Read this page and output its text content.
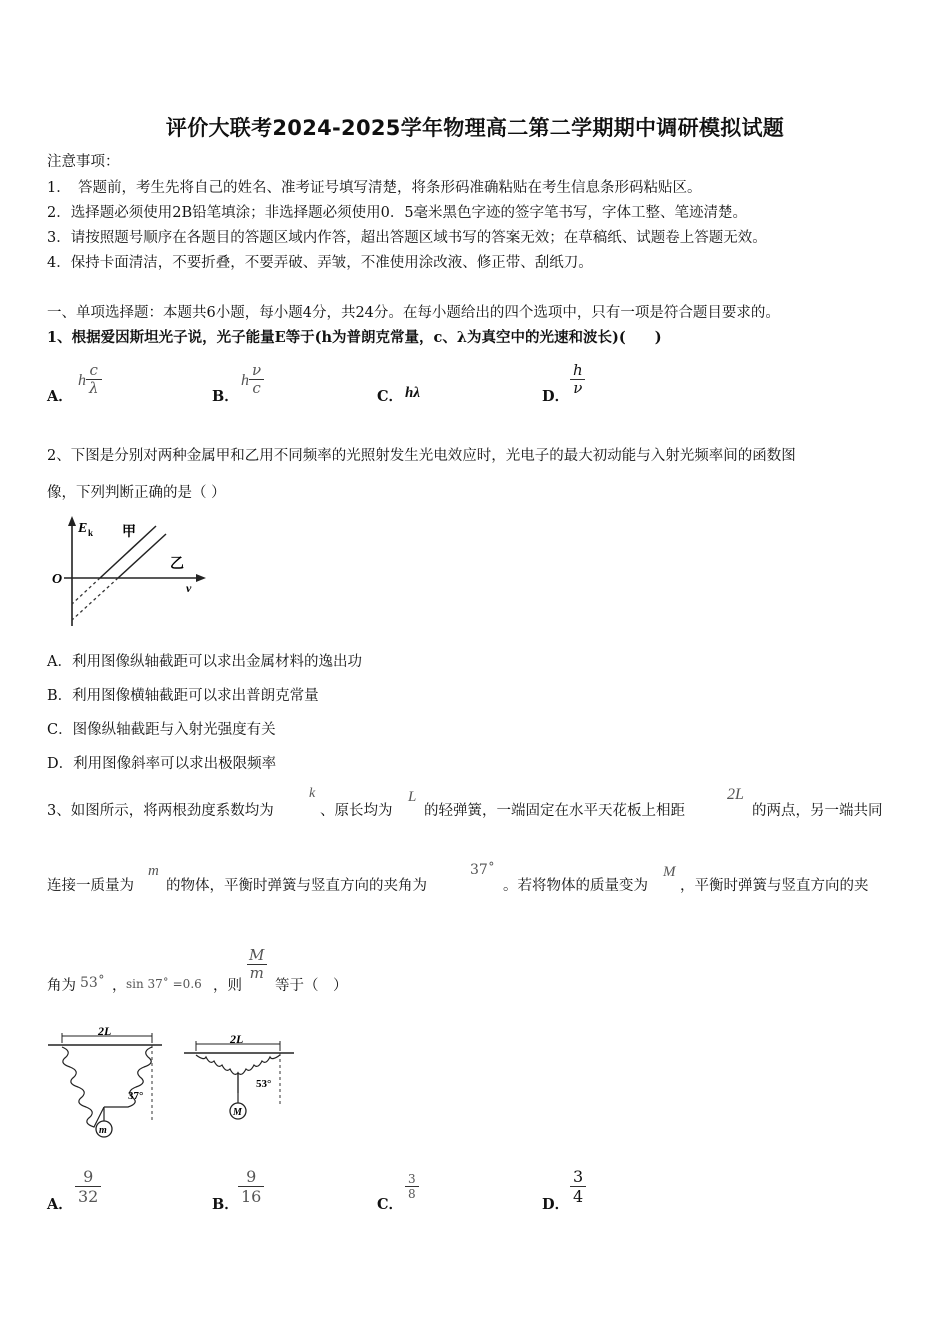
评价大联考2024-2025学年物理高二第二学期期中调研模拟试题
注意事项：
1．　答题前，考生先将自己的姓名、准考证号填写清楚，将条形码准确粘贴在考生信息条形码粘贴区。
2．选择题必须使用2B铅笔填涂；非选择题必须使用0．5毫米黑色字迹的签字笔书写，字体工整、笔迹清楚。
3．请按照题号顺序在各题目的答题区域内作答，超出答题区域书写的答案无效；在草稿纸、试题卷上答题无效。
4．保持卡面清洁，不要折叠，不要弄破、弄皱，不准使用涂改液、修正带、刮纸刀。
一、单项选择题：本题共6小题，每小题4分，共24分。在每小题给出的四个选项中，只有一项是符合题目要求的。
1、根据爱因斯坦光子说，光子能量E等于(h为普朗克常量，c、λ为真空中的光速和波长)(　　)
A．
h $\frac{c}{\lambda}$	B．
h $\frac{\nu}{c}$	C． hλ	D． $\frac{h}{\nu}$
2、下图是分别对两种金属甲和乙用不同频率的光照射发生光电效应时，光电子的最大初动能与入射光频率间的函数图
像，下列判断正确的是（ ）
E k
O
ν
甲
乙
A．利用图像纵轴截距可以求出金属材料的逸出功
B．利用图像横轴截距可以求出普朗克常量
C．图像纵轴截距与入射光强度有关
D．利用图像斜率可以求出极限频率
3、如图所示，将两根劲度系数均为
k
、原长均为
L
的轻弹簧，一端固定在水平天花板上相距
2L
的两点，另一端共同
连接一质量为
m
的物体，平衡时弹簧与竖直方向的夹角为
37˚
。若将物体的质量变为
M
，平衡时弹簧与竖直方向的夹
角为 53˚ ， sin 37˚ =0.6 ，则
$\frac{M}{m}$
等于（　）
2L
37°
m
2L
53°
M
A． $\frac{9}{32}$	B． $\frac{9}{16}$	C．
$\frac{3}{8}$
D． $\frac{3}{4}$
